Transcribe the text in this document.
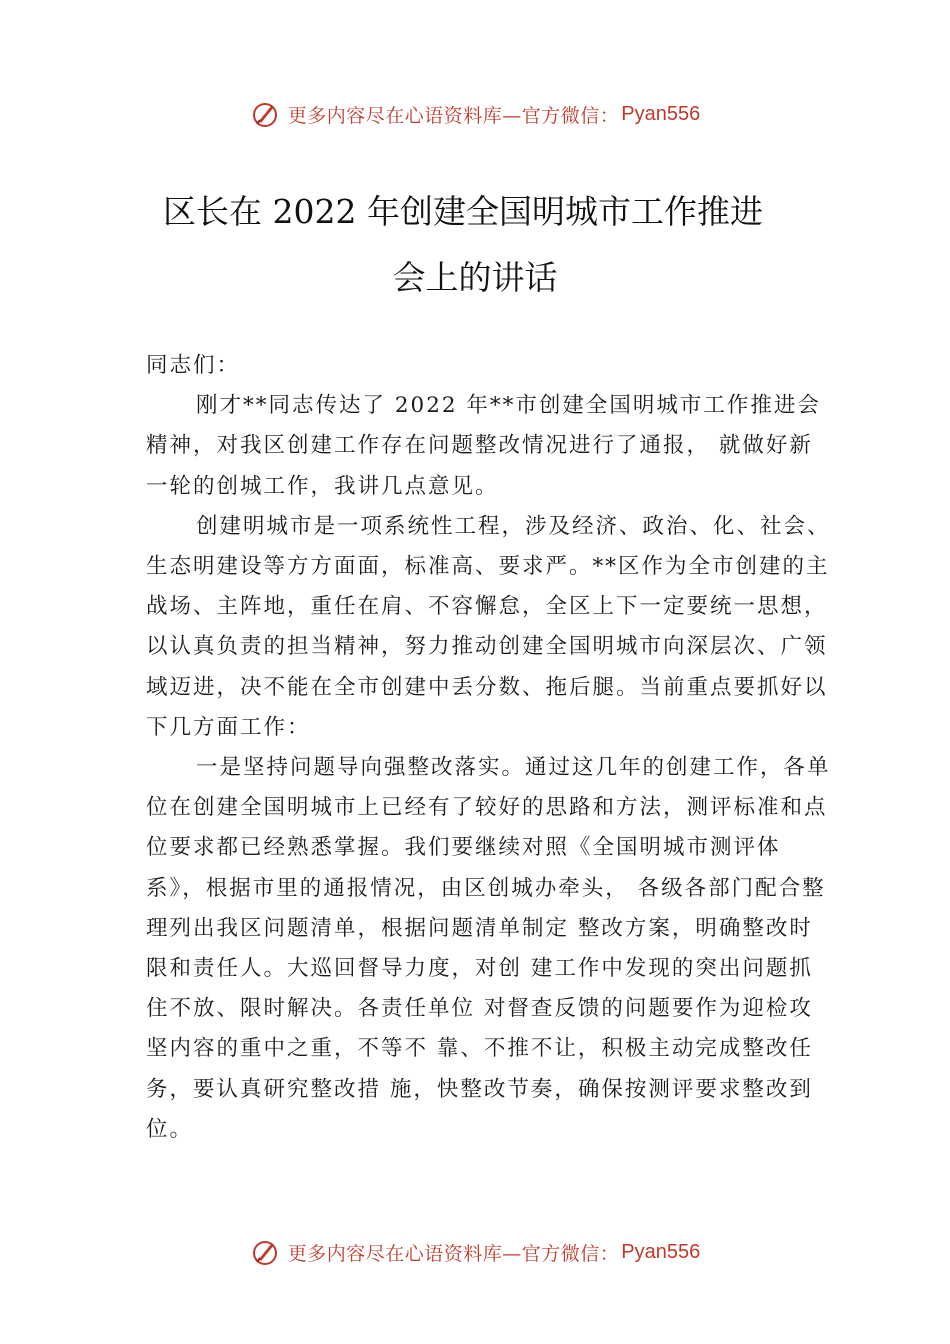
更多内容尽在心语资料库—官方微信： Pyan556
区长在 2022 年创建全国明城市工作推进
会上的讲话

同志们：

刚才**同志传达了 2022 年**市创建全国明城市工作推进会精神，对我区创建工作存在问题整改情况进行了通报， 就做好新一轮的创城工作，我讲几点意见。

创建明城市是一项系统性工程，涉及经济、政治、化、社会、生态明建设等方方面面，标准高、要求严。**区作为全市创建的主战场、主阵地，重任在肩、不容懈怠，全区上下一定要统一思想，以认真负责的担当精神，努力推动创建全国明城市向深层次、广领域迈进，决不能在全市创建中丢分数、拖后腿。当前重点要抓好以下几方面工作：

一是坚持问题导向强整改落实。通过这几年的创建工作，各单位在创建全国明城市上已经有了较好的思路和方法，测评标准和点位要求都已经熟悉掌握。我们要继续对照《全国明城市测评体系》，根据市里的通报情况，由区创城办牵头， 各级各部门配合整理列出我区问题清单，根据问题清单制定 整改方案，明确整改时限和责任人。大巡回督导力度，对创 建工作中发现的突出问题抓住不放、限时解决。各责任单位 对督查反馈的问题要作为迎检攻坚内容的重中之重，不等不 靠、不推不让，积极主动完成整改任务，要认真研究整改措 施，快整改节奏，确保按测评要求整改到位。

更多内容尽在心语资料库—官方微信： Pyan556
